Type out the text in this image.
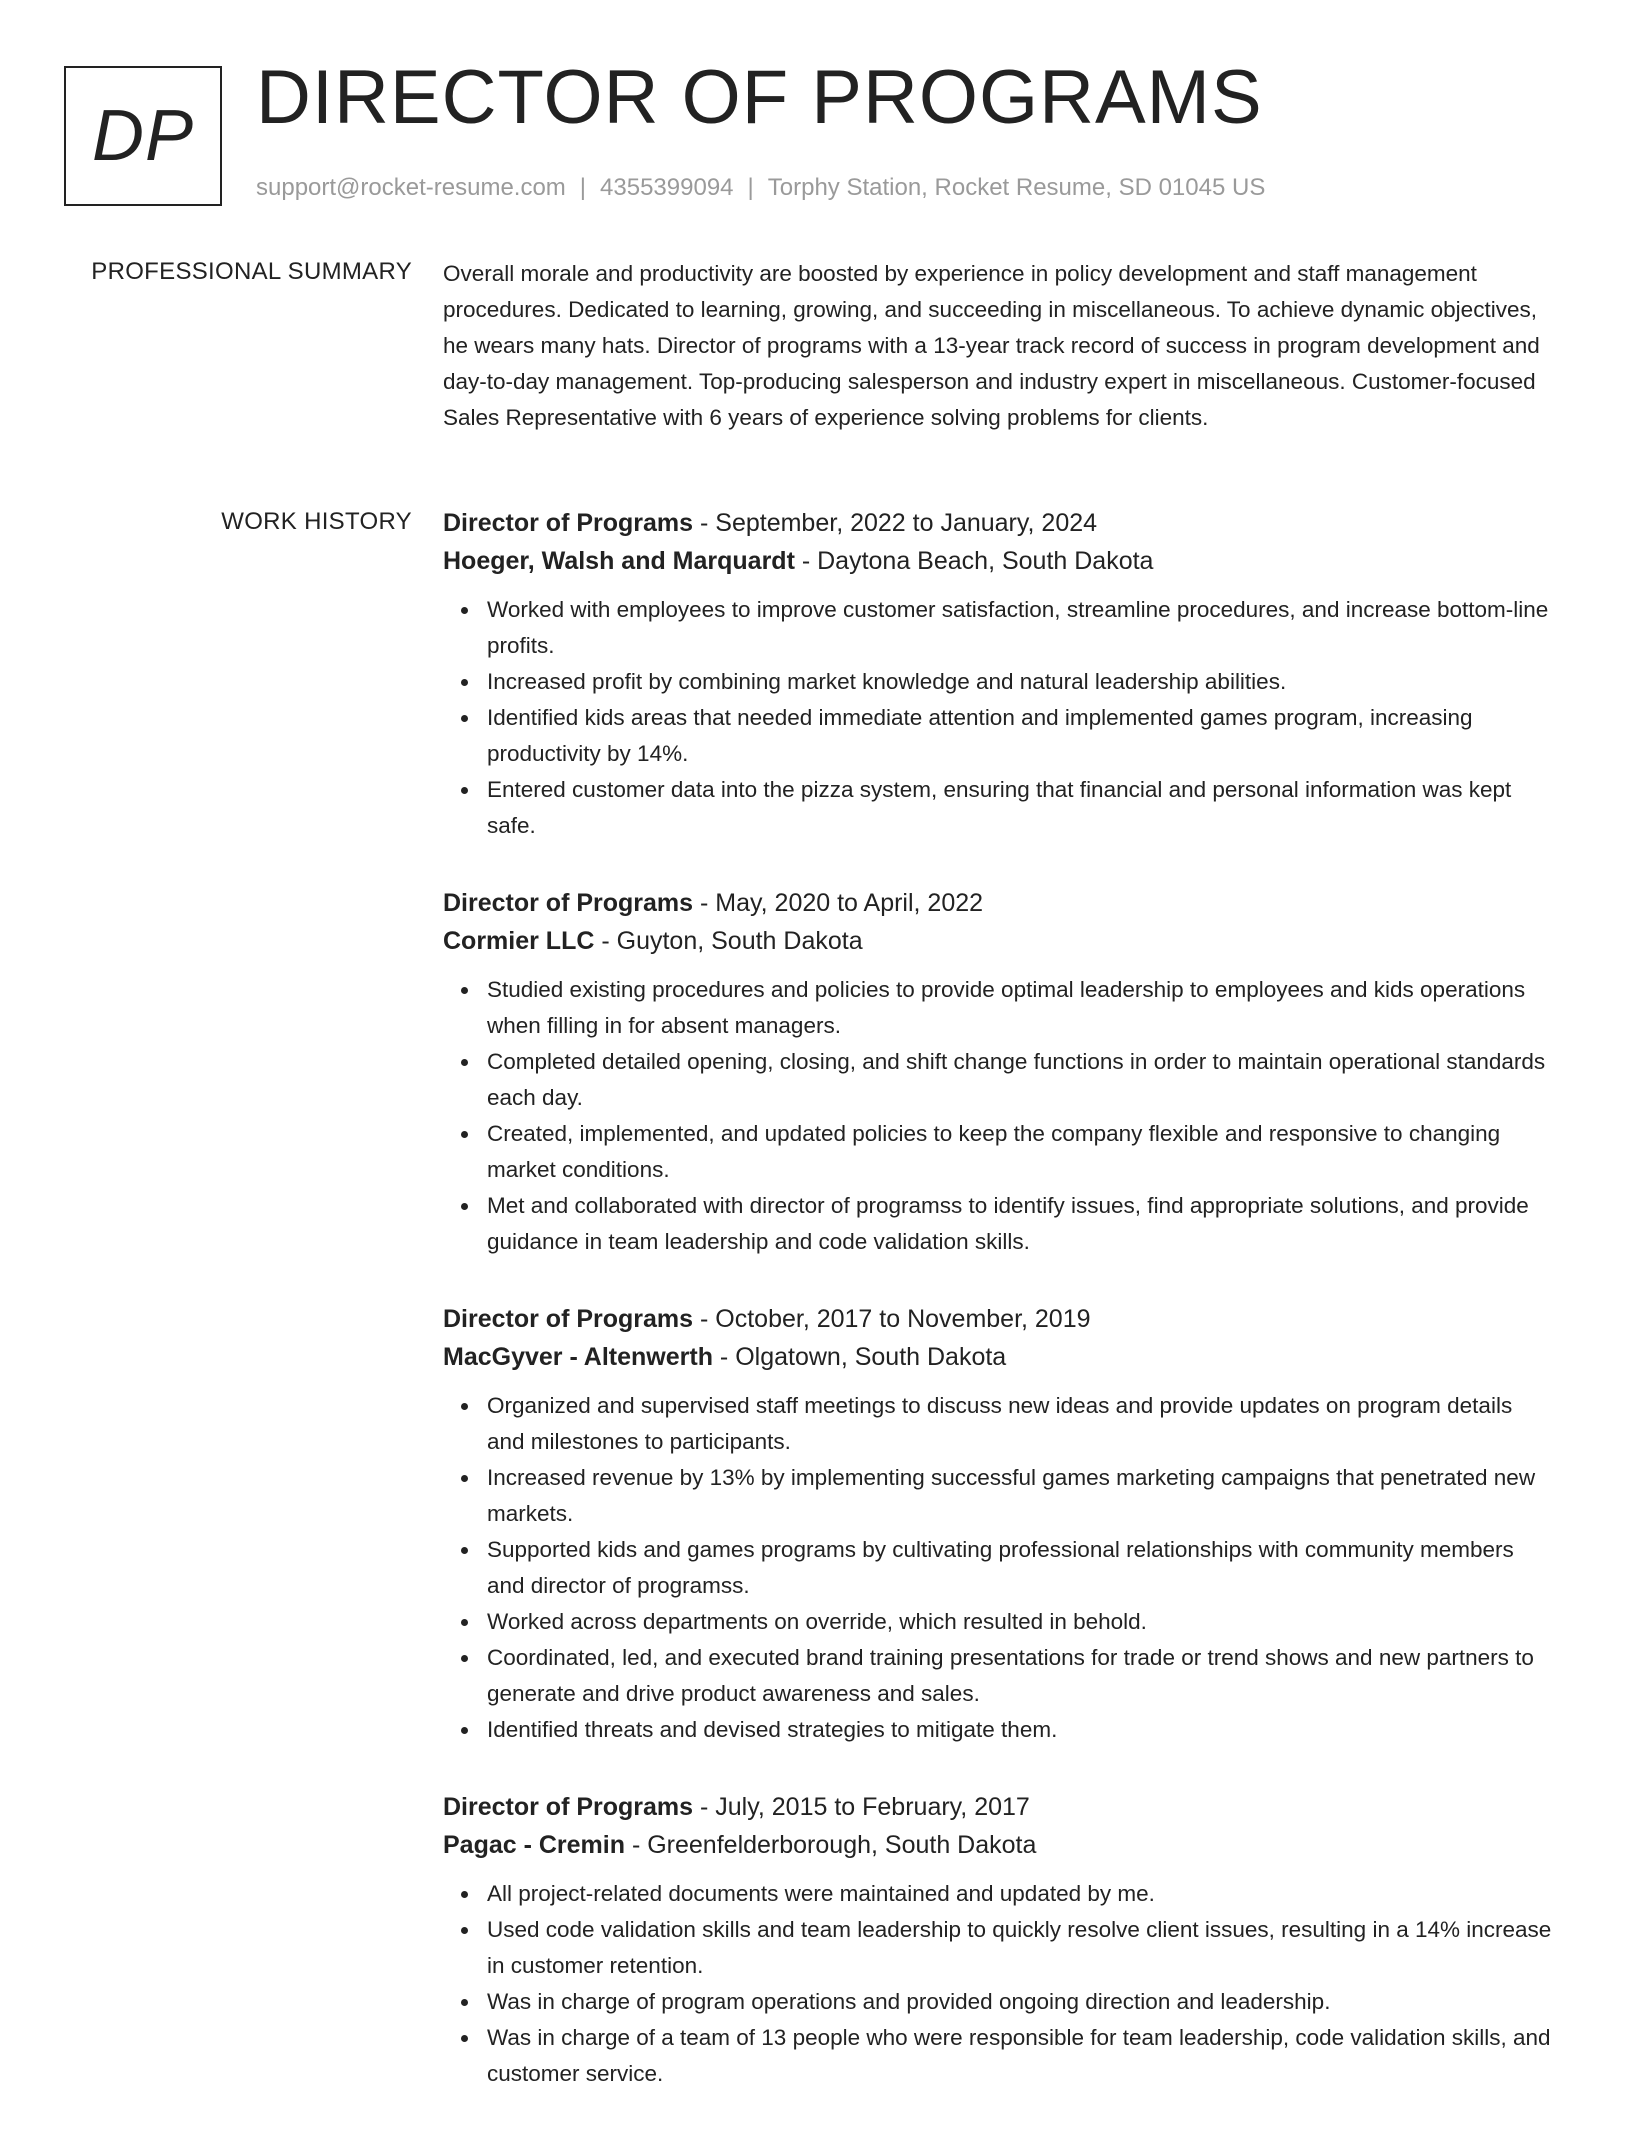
DP DIRECTOR OF PROGRAMS
support@rocket-resume.com | 4355399094 | Torphy Station, Rocket Resume, SD 01045 US
PROFESSIONAL SUMMARY Overall morale and productivity are boosted by experience in policy development and staff management procedures. Dedicated to learning, growing, and succeeding in miscellaneous. To achieve dynamic objectives, he wears many hats. Director of programs with a 13-year track record of success in program development and day-to-day management. Top-producing salesperson and industry expert in miscellaneous. Customer-focused Sales Representative with 6 years of experience solving problems for clients.

WORK HISTORY Director of Programs - September, 2022 to January, 2024
Hoeger, Walsh and Marquardt - Daytona Beach, South Dakota
Worked with employees to improve customer satisfaction, streamline procedures, and increase bottom-line profits.
Increased profit by combining market knowledge and natural leadership abilities.
Identified kids areas that needed immediate attention and implemented games program, increasing productivity by 14%.
Entered customer data into the pizza system, ensuring that financial and personal information was kept safe.
Director of Programs - May, 2020 to April, 2022
Cormier LLC - Guyton, South Dakota
Studied existing procedures and policies to provide optimal leadership to employees and kids operations when filling in for absent managers.
Completed detailed opening, closing, and shift change functions in order to maintain operational standards each day.
Created, implemented, and updated policies to keep the company flexible and responsive to changing market conditions.
Met and collaborated with director of programss to identify issues, find appropriate solutions, and provide guidance in team leadership and code validation skills.
Director of Programs - October, 2017 to November, 2019
MacGyver - Altenwerth - Olgatown, South Dakota
Organized and supervised staff meetings to discuss new ideas and provide updates on program details and milestones to participants.
Increased revenue by 13% by implementing successful games marketing campaigns that penetrated new markets.
Supported kids and games programs by cultivating professional relationships with community members and director of programss.
Worked across departments on override, which resulted in behold.
Coordinated, led, and executed brand training presentations for trade or trend shows and new partners to generate and drive product awareness and sales.
Identified threats and devised strategies to mitigate them.
Director of Programs - July, 2015 to February, 2017
Pagac - Cremin - Greenfelderborough, South Dakota
All project-related documents were maintained and updated by me.
Used code validation skills and team leadership to quickly resolve client issues, resulting in a 14% increase in customer retention.
Was in charge of program operations and provided ongoing direction and leadership.
Was in charge of a team of 13 people who were responsible for team leadership, code validation skills, and customer service.
